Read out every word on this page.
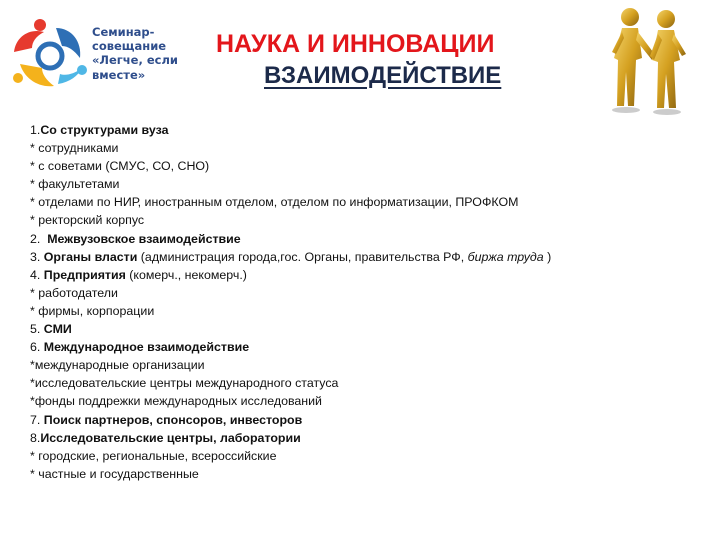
Семинар-
совещание
«Легче, если
вместе»
НАУКА И ИННОВАЦИИ
ВЗАИМОДЕЙСТВИЕ
1.Со структурами вуза
* сотрудниками
* с советами (СМУС, СО, СНО)
* факультетами
* отделами по НИР, иностранным отделом, отделом по информатизации, ПРОФКОМ
* ректорский корпус
2. Межвузовское взаимодействие
3. Органы власти (администрация города,гос. Органы, правительства РФ, биржа труда )
4. Предприятия (комерч., некомерч.)
* работодатели
* фирмы, корпорации
5. СМИ
6. Международное взаимодействие
*международные организации
*исследовательские центры международного статуса
*фонды поддрежки международных исследований
7. Поиск партнеров, спонсоров, инвесторов
8.Исследовательские центры, лаборатории
* городские, региональные, всероссийские
* частные и государственные
